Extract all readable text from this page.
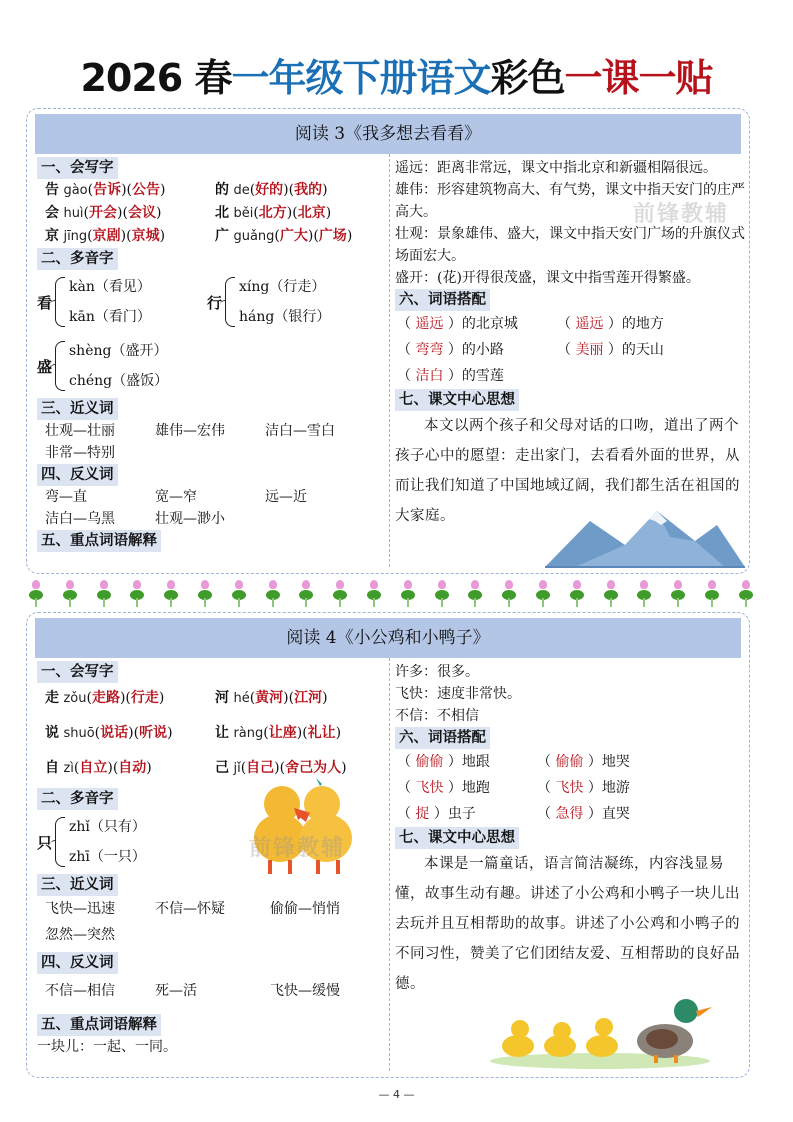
2026 春一年级下册语文彩色一课一贴
阅读 3《我多想去看看》
一、会写字
告 gào(告诉)(公告)	的 de(好的)(我的)
会 huì(开会)(会议)	北 běi(北方)(北京)
京 jīng(京剧)(京城)	广 guǎng(广大)(广场)
二、多音字
看
kàn（看见）
kān（看门）
行
xíng（行走）
háng（银行）
盛
shèng（盛开）
chéng（盛饭）
三、近义词
壮观—壮丽	雄伟—宏伟	洁白—雪白
非常—特别
四、反义词
弯—直	宽—窄	远—近
洁白—乌黑	壮观—渺小
五、重点词语解释
遥远：距离非常远，课文中指北京和新疆相隔很远。
雄伟：形容建筑物高大、有气势，课文中指天安门的庄严高大。
壮观：景象雄伟、盛大，课文中指天安门广场的升旗仪式场面宏大。
盛开：(花)开得很茂盛，课文中指雪莲开得繁盛。
前锋教辅
六、词语搭配
（ 遥远 ）的北京城	（ 遥远 ）的地方
（ 弯弯 ）的小路	（ 美丽 ）的天山
（ 洁白 ）的雪莲
七、课文中心思想
本文以两个孩子和父母对话的口吻，道出了两个孩子心中的愿望：走出家门，去看看外面的世界，从而让我们知道了中国地域辽阔，我们都生活在祖国的大家庭。
阅读 4《小公鸡和小鸭子》
一、会写字
走 zǒu(走路)(行走)	河 hé(黄河)(江河)
说 shuō(说话)(听说)	让 ràng(让座)(礼让)
自 zì(自立)(自动)	己 jǐ(自己)(舍己为人)
二、多音字
只
zhǐ（只有）
zhī（一只）	前锋教辅
三、近义词
飞快—迅速	不信—怀疑	偷偷—悄悄
忽然—突然
四、反义词
不信—相信	死—活	飞快—缓慢
五、重点词语解释
一块儿：一起、一同。
许多：很多。
飞快：速度非常快。
不信：不相信
六、词语搭配
（ 偷偷 ）地跟	（ 偷偷 ）地哭
（ 飞快 ）地跑	（ 飞快 ）地游
（ 捉 ）虫子	（ 急得 ）直哭
七、课文中心思想
本课是一篇童话，语言简洁凝练，内容浅显易懂，故事生动有趣。讲述了小公鸡和小鸭子一块儿出去玩并且互相帮助的故事。讲述了小公鸡和小鸭子的不同习性，赞美了它们团结友爱、互相帮助的良好品德。
— 4 —
